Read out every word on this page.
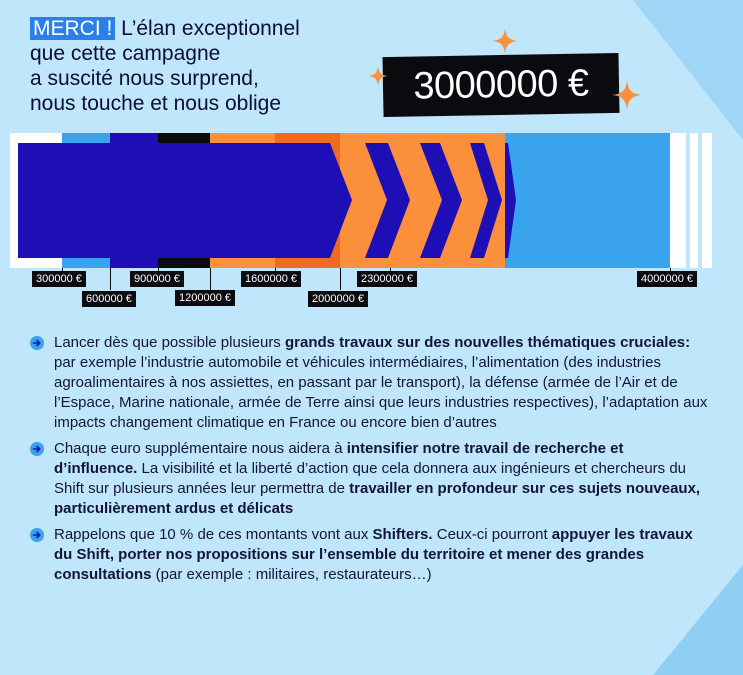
MERCI ! L’élan exceptionnel
que cette campagne
a suscité nous surprend,
nous touche et nous oblige	3000000 €
300000 €
600000 €
900000 €
1200000 €
1600000 €
2000000 €
2300000 €	4000000 €

Lancer dès que possible plusieurs grands travaux sur des nouvelles thématiques cruciales: par exemple l’industrie automobile et véhicules intermédiaires, l’alimentation (des industries agroalimentaires à nos assiettes, en passant par le transport), la défense (armée de l’Air et de l’Espace, Marine nationale, armée de Terre ainsi que leurs industries respectives), l’adaptation aux impacts changement climatique en France ou encore bien d’autres

Chaque euro supplémentaire nous aidera à intensifier notre travail de recherche et d’influence. La visibilité et la liberté d’action que cela donnera aux ingénieurs et chercheurs du Shift sur plusieurs années leur permettra de travailler en profondeur sur ces sujets nouveaux, particulièrement ardus et délicats

Rappelons que 10 % de ces montants vont aux Shifters. Ceux-ci pourront appuyer les travaux du Shift, porter nos propositions sur l’ensemble du territoire et mener des grandes consultations (par exemple : militaires, restaurateurs…)
